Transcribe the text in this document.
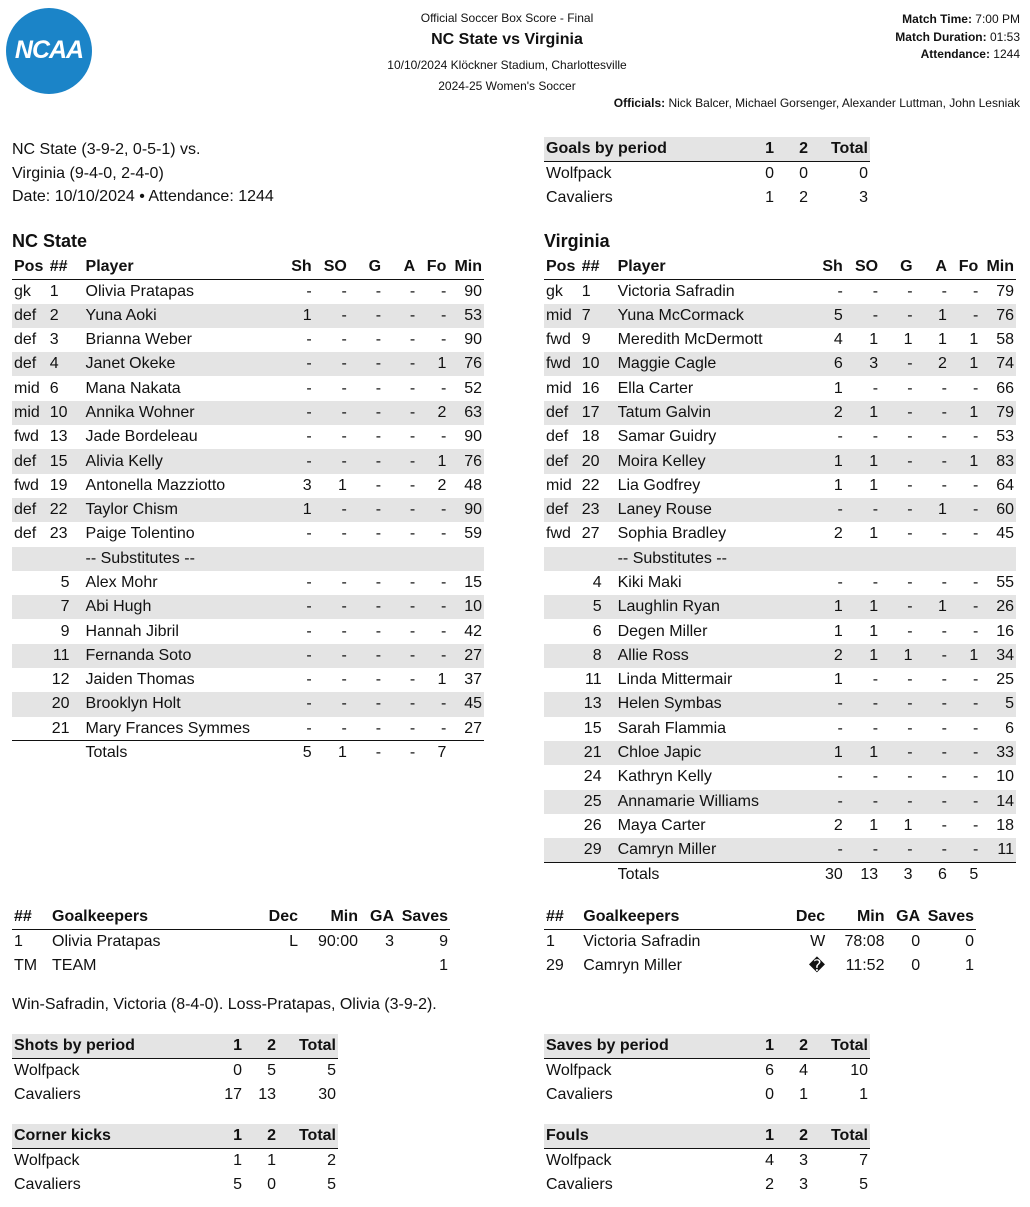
NCAA
Official Soccer Box Score - Final
NC State vs Virginia
10/10/2024 Klöckner Stadium, Charlottesville
2024-25 Women's Soccer
Match Time: 7:00 PM
Match Duration: 01:53
Attendance: 1244
Officials: Nick Balcer, Michael Gorsenger, Alexander Luttman, John Lesniak
NC State (3-9-2, 0-5-1) vs.
Virginia (9-4-0, 2-4-0)
Date: 10/10/2024 • Attendance: 1244
Goals by period	1	2	Total
Wolfpack	0	0	0
Cavaliers	1	2	3
Shots by period	1	2	Total
Wolfpack	0	5	5
Cavaliers	17	13	30
Saves by period	1	2	Total
Wolfpack	6	4	10
Cavaliers	0	1	1
Corner kicks	1	2	Total
Wolfpack	1	1	2
Cavaliers	5	0	5
Fouls	1	2	Total
Wolfpack	4	3	7
Cavaliers	2	3	5
NC State	Virginia
Pos	##	Player	Sh	SO	G	A	Fo	Min
gk	1	Olivia Pratapas	-	-	-	-	-	90
def	2	Yuna Aoki	1	-	-	-	-	53
def	3	Brianna Weber	-	-	-	-	-	90
def	4	Janet Okeke	-	-	-	-	1	76
mid	6	Mana Nakata	-	-	-	-	-	52
mid	10	Annika Wohner	-	-	-	-	2	63
fwd	13	Jade Bordeleau	-	-	-	-	-	90
def	15	Alivia Kelly	-	-	-	-	1	76
fwd	19	Antonella Mazziotto	3	1	-	-	2	48
def	22	Taylor Chism	1	-	-	-	-	90
def	23	Paige Tolentino	-	-	-	-	-	59
		-- Substitutes --						
	5	Alex Mohr	-	-	-	-	-	15
	7	Abi Hugh	-	-	-	-	-	10
	9	Hannah Jibril	-	-	-	-	-	42
	11	Fernanda Soto	-	-	-	-	-	27
	12	Jaiden Thomas	-	-	-	-	1	37
	20	Brooklyn Holt	-	-	-	-	-	45
	21	Mary Frances Symmes	-	-	-	-	-	27
		Totals	5	1	-	-	7	
Pos	##	Player	Sh	SO	G	A	Fo	Min
gk	1	Victoria Safradin	-	-	-	-	-	79
mid	7	Yuna McCormack	5	-	-	1	-	76
fwd	9	Meredith McDermott	4	1	1	1	1	58
fwd	10	Maggie Cagle	6	3	-	2	1	74
mid	16	Ella Carter	1	-	-	-	-	66
def	17	Tatum Galvin	2	1	-	-	1	79
def	18	Samar Guidry	-	-	-	-	-	53
def	20	Moira Kelley	1	1	-	-	1	83
mid	22	Lia Godfrey	1	1	-	-	-	64
def	23	Laney Rouse	-	-	-	1	-	60
fwd	27	Sophia Bradley	2	1	-	-	-	45
		-- Substitutes --						
	4	Kiki Maki	-	-	-	-	-	55
	5	Laughlin Ryan	1	1	-	1	-	26
	6	Degen Miller	1	1	-	-	-	16
	8	Allie Ross	2	1	1	-	1	34
	11	Linda Mittermair	1	-	-	-	-	25
	13	Helen Symbas	-	-	-	-	-	5
	15	Sarah Flammia	-	-	-	-	-	6
	21	Chloe Japic	1	1	-	-	-	33
	24	Kathryn Kelly	-	-	-	-	-	10
	25	Annamarie Williams	-	-	-	-	-	14
	26	Maya Carter	2	1	1	-	-	18
	29	Camryn Miller	-	-	-	-	-	11
		Totals	30	13	3	6	5	
##	Goalkeepers	Dec	Min	GA	Saves
1	Olivia Pratapas	L	90:00	3	9
TM	TEAM				1
##	Goalkeepers	Dec	Min	GA	Saves
1	Victoria Safradin	W	78:08	0	0
29	Camryn Miller	�	11:52	0	1
Win-Safradin, Victoria (8-4-0). Loss-Pratapas, Olivia (3-9-2).
